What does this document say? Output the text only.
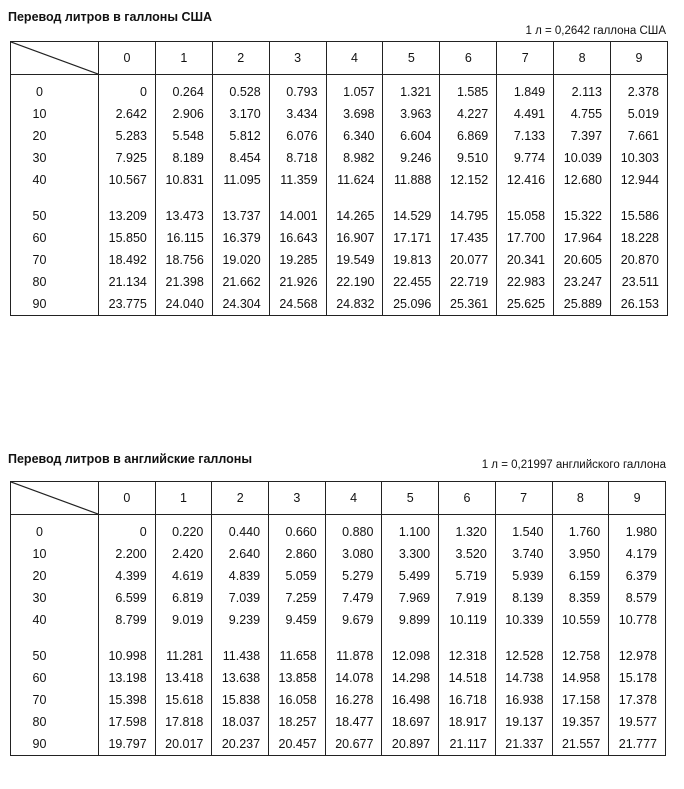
Перевод литров в галлоны США
1 л = 0,2642 галлона США
	0	1	2	3	4	5	6	7	8	9

0	0	0.264	0.528	0.793	1.057	1.321	1.585	1.849	2.113	2.378
10	2.642	2.906	3.170	3.434	3.698	3.963	4.227	4.491	4.755	5.019
20	5.283	5.548	5.812	6.076	6.340	6.604	6.869	7.133	7.397	7.661
30	7.925	8.189	8.454	8.718	8.982	9.246	9.510	9.774	10.039	10.303
40	10.567	10.831	11.095	11.359	11.624	11.888	12.152	12.416	12.680	12.944

50	13.209	13.473	13.737	14.001	14.265	14.529	14.795	15.058	15.322	15.586
60	15.850	16.115	16.379	16.643	16.907	17.171	17.435	17.700	17.964	18.228
70	18.492	18.756	19.020	19.285	19.549	19.813	20.077	20.341	20.605	20.870
80	21.134	21.398	21.662	21.926	22.190	22.455	22.719	22.983	23.247	23.511
90	23.775	24.040	24.304	24.568	24.832	25.096	25.361	25.625	25.889	26.153
Перевод литров в английские галлоны	1 л = 0,21997 английского галлона
	0	1	2	3	4	5	6	7	8	9

0	0	0.220	0.440	0.660	0.880	1.100	1.320	1.540	1.760	1.980
10	2.200	2.420	2.640	2.860	3.080	3.300	3.520	3.740	3.950	4.179
20	4.399	4.619	4.839	5.059	5.279	5.499	5.719	5.939	6.159	6.379
30	6.599	6.819	7.039	7.259	7.479	7.969	7.919	8.139	8.359	8.579
40	8.799	9.019	9.239	9.459	9.679	9.899	10.119	10.339	10.559	10.778

50	10.998	11.281	11.438	11.658	11.878	12.098	12.318	12.528	12.758	12.978
60	13.198	13.418	13.638	13.858	14.078	14.298	14.518	14.738	14.958	15.178
70	15.398	15.618	15.838	16.058	16.278	16.498	16.718	16.938	17.158	17.378
80	17.598	17.818	18.037	18.257	18.477	18.697	18.917	19.137	19.357	19.577
90	19.797	20.017	20.237	20.457	20.677	20.897	21.117	21.337	21.557	21.777
